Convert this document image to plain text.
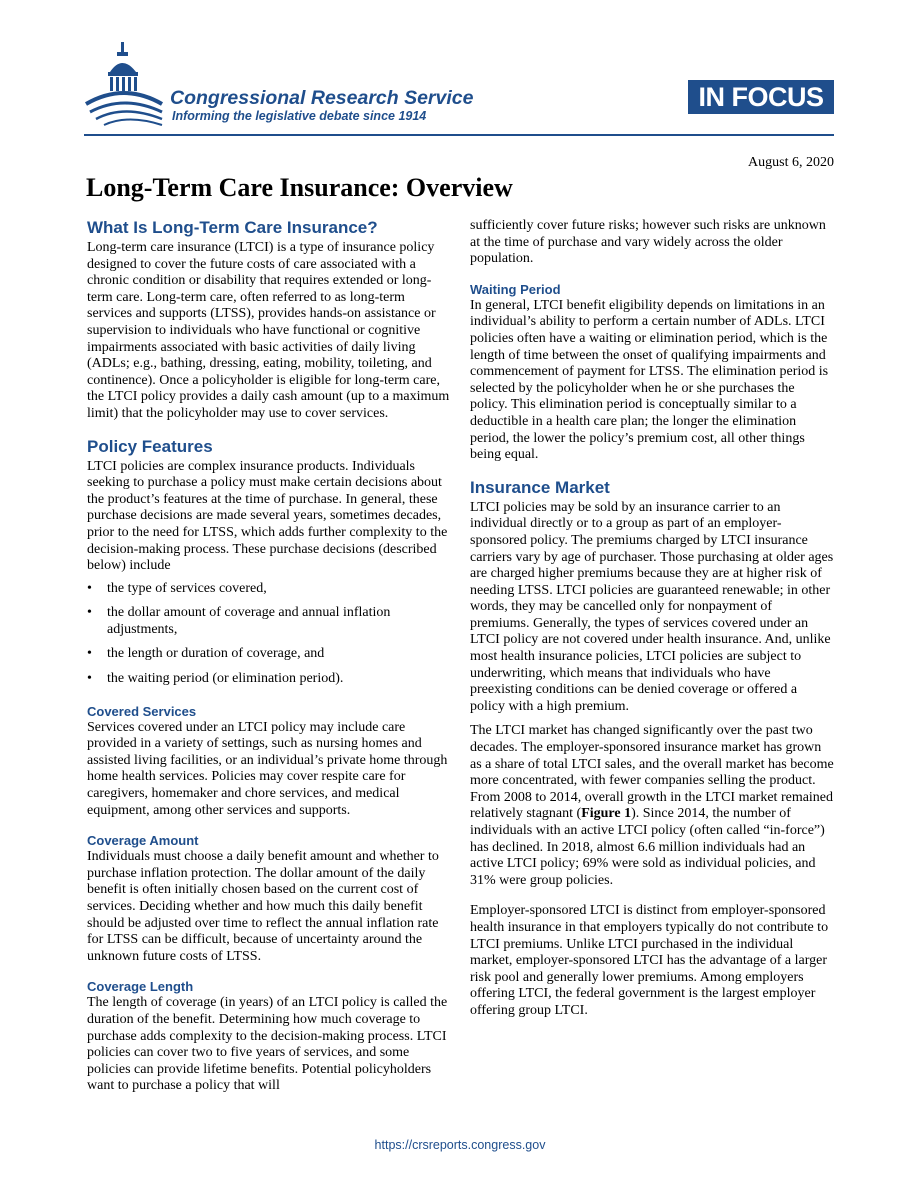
Congressional Research Service
Informing the legislative debate since 1914
IN FOCUS
August 6, 2020
Long-Term Care Insurance: Overview
What Is Long-Term Care Insurance?

Long-term care insurance (LTCI) is a type of insurance policy designed to cover the future costs of care associated with a chronic condition or disability that requires extended or long-term care. Long-term care, often referred to as long-term services and supports (LTSS), provides hands-on assistance or supervision to individuals who have functional or cognitive impairments associated with basic activities of daily living (ADLs; e.g., bathing, dressing, eating, mobility, toileting, and continence). Once a policyholder is eligible for long-term care, the LTCI policy provides a daily cash amount (up to a maximum limit) that the policyholder may use to cover services.

Policy Features

LTCI policies are complex insurance products. Individuals seeking to purchase a policy must make certain decisions about the product’s features at the time of purchase. In general, these purchase decisions are made several years, sometimes decades, prior to the need for LTSS, which adds further complexity to the decision-making process. These purchase decisions (described below) include

• the type of services covered,
• the dollar amount of coverage and annual inflation adjustments,
• the length or duration of coverage, and
• the waiting period (or elimination period).
Covered Services

Services covered under an LTCI policy may include care provided in a variety of settings, such as nursing homes and assisted living facilities, or an individual’s private home through home health services. Policies may cover respite care for caregivers, homemaker and chore services, and medical equipment, among other services and supports.

Coverage Amount

Individuals must choose a daily benefit amount and whether to purchase inflation protection. The dollar amount of the daily benefit is often initially chosen based on the current cost of services. Deciding whether and how much this daily benefit should be adjusted over time to reflect the annual inflation rate for LTSS can be difficult, because of uncertainty around the unknown future costs of LTSS.

Coverage Length

The length of coverage (in years) of an LTCI policy is called the duration of the benefit. Determining how much coverage to purchase adds complexity to the decision-making process. LTCI policies can cover two to five years of services, and some policies can provide lifetime benefits. Potential policyholders want to purchase a policy that will

sufficiently cover future risks; however such risks are unknown at the time of purchase and vary widely across the older population.

Waiting Period

In general, LTCI benefit eligibility depends on limitations in an individual’s ability to perform a certain number of ADLs. LTCI policies often have a waiting or elimination period, which is the length of time between the onset of qualifying impairments and commencement of payment for LTSS. The elimination period is selected by the policyholder when he or she purchases the policy. This elimination period is conceptually similar to a deductible in a health care plan; the longer the elimination period, the lower the policy’s premium cost, all other things being equal.

Insurance Market

LTCI policies may be sold by an insurance carrier to an individual directly or to a group as part of an employer-sponsored policy. The premiums charged by LTCI insurance carriers vary by age of purchaser. Those purchasing at older ages are charged higher premiums because they are at higher risk of needing LTSS. LTCI policies are guaranteed renewable; in other words, they may be cancelled only for nonpayment of premiums. Generally, the types of services covered under an LTCI policy are not covered under health insurance. And, unlike most health insurance policies, LTCI policies are subject to underwriting, which means that individuals who have preexisting conditions can be denied coverage or offered a policy with a high premium.

The LTCI market has changed significantly over the past two decades. The employer-sponsored insurance market has grown as a share of total LTCI sales, and the overall market has become more concentrated, with fewer companies selling the product. From 2008 to 2014, overall growth in the LTCI market remained relatively stagnant (Figure 1). Since 2014, the number of individuals with an active LTCI policy (often called “in-force”) has declined. In 2018, almost 6.6 million individuals had an active LTCI policy; 69% were sold as individual policies, and 31% were group policies.

Employer-sponsored LTCI is distinct from employer-sponsored health insurance in that employers typically do not contribute to LTCI premiums. Unlike LTCI purchased in the individual market, employer-sponsored LTCI has the advantage of a larger risk pool and generally lower premiums. Among employers offering LTCI, the federal government is the largest employer offering group LTCI.

https://crsreports.congress.gov
